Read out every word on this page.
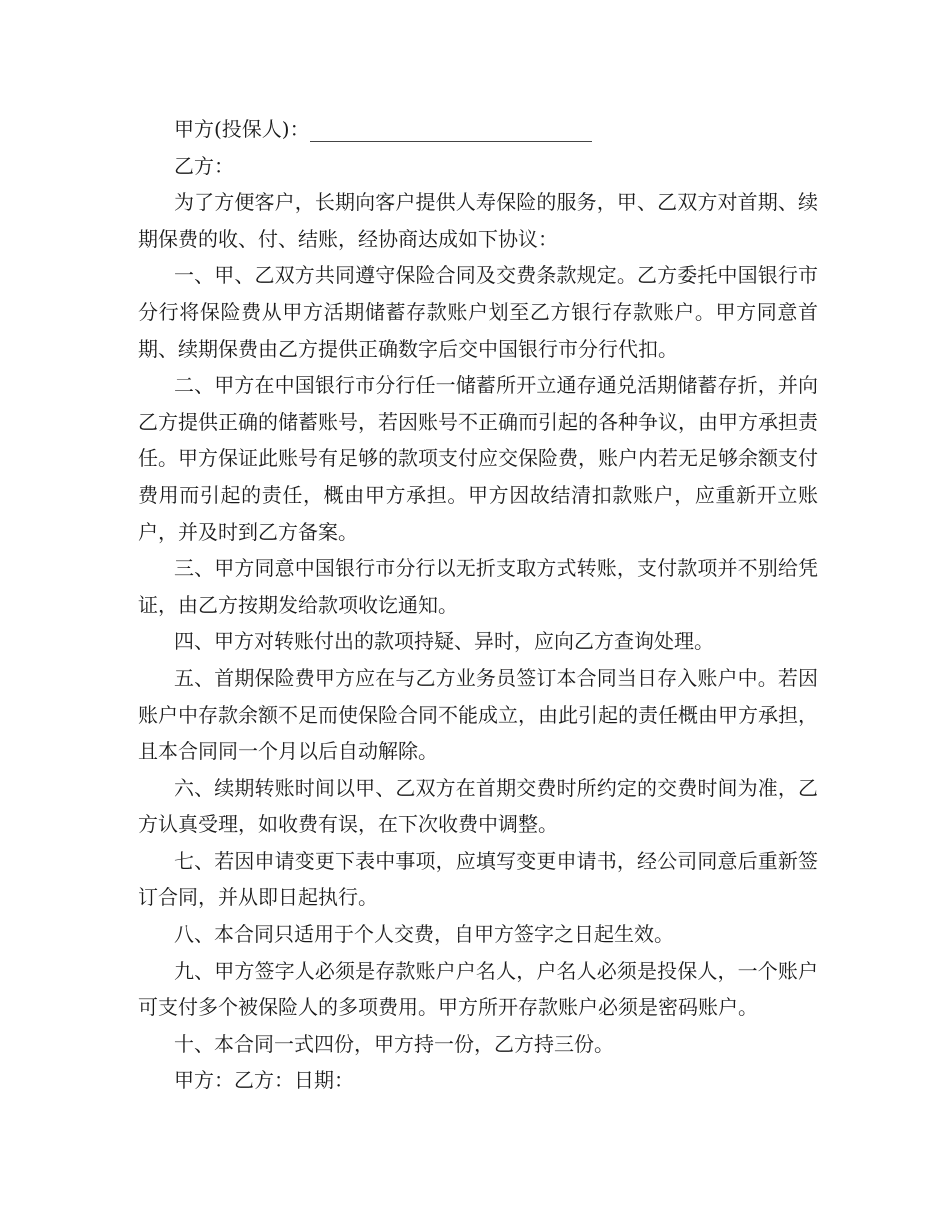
甲方(投保人)：

乙方：

为了方便客户，长期向客户提供人寿保险的服务，甲、乙双方对首期、续期保费的收、付、结账，经协商达成如下协议：

一、甲、乙双方共同遵守保险合同及交费条款规定。乙方委托中国银行市分行将保险费从甲方活期储蓄存款账户划至乙方银行存款账户。甲方同意首期、续期保费由乙方提供正确数字后交中国银行市分行代扣。

二、甲方在中国银行市分行任一储蓄所开立通存通兑活期储蓄存折，并向乙方提供正确的储蓄账号，若因账号不正确而引起的各种争议，由甲方承担责任。甲方保证此账号有足够的款项支付应交保险费，账户内若无足够余额支付费用而引起的责任，概由甲方承担。甲方因故结清扣款账户，应重新开立账户，并及时到乙方备案。

三、甲方同意中国银行市分行以无折支取方式转账，支付款项并不别给凭证，由乙方按期发给款项收讫通知。

四、甲方对转账付出的款项持疑、异时，应向乙方查询处理。

五、首期保险费甲方应在与乙方业务员签订本合同当日存入账户中。若因账户中存款余额不足而使保险合同不能成立，由此引起的责任概由甲方承担，且本合同同一个月以后自动解除。

六、续期转账时间以甲、乙双方在首期交费时所约定的交费时间为准，乙方认真受理，如收费有误，在下次收费中调整。

七、若因申请变更下表中事项，应填写变更申请书，经公司同意后重新签订合同，并从即日起执行。

八、本合同只适用于个人交费，自甲方签字之日起生效。

九、甲方签字人必须是存款账户户名人，户名人必须是投保人，一个账户可支付多个被保险人的多项费用。甲方所开存款账户必须是密码账户。

十、本合同一式四份，甲方持一份，乙方持三份。

甲方：乙方：日期：
